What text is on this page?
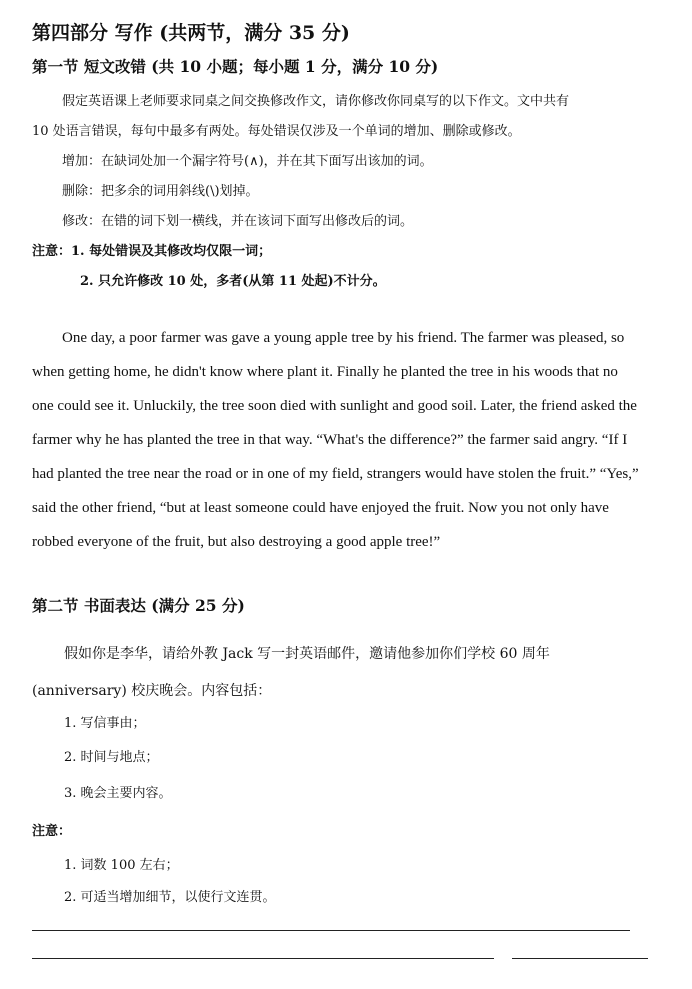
第四部分 写作 (共两节，满分 35 分)
第一节 短文改错 (共 10 小题；每小题 1 分，满分 10 分)
假定英语课上老师要求同桌之间交换修改作文，请你修改你同桌写的以下作文。文中共有
10 处语言错误，每句中最多有两处。每处错误仅涉及一个单词的增加、删除或修改。
增加：在缺词处加一个漏字符号(∧)，并在其下面写出该加的词。
删除：把多余的词用斜线(\)划掉。
修改：在错的词下划一横线，并在该词下面写出修改后的词。
注意：1. 每处错误及其修改均仅限一词；
2. 只允许修改 10 处，多者(从第 11 处起)不计分。
One day, a poor farmer was gave a young apple tree by his friend. The farmer was pleased, so
when getting home, he didn't know where plant it. Finally he planted the tree in his woods that no
one could see it. Unluckily, the tree soon died with sunlight and good soil. Later, the friend asked the
farmer why he has planted the tree in that way. “What's the difference?” the farmer said angry. “If I
had planted the tree near the road or in one of my field, strangers would have stolen the fruit.” “Yes,”
said the other friend, “but at least someone could have enjoyed the fruit. Now you not only have
robbed everyone of the fruit, but also destroying a good apple tree!”
第二节 书面表达 (满分 25 分)
假如你是李华，请给外教 Jack 写一封英语邮件，邀请他参加你们学校 60 周年
(anniversary) 校庆晚会。内容包括：
1. 写信事由；
2. 时间与地点；
3. 晚会主要内容。
注意：
1. 词数 100 左右；
2. 可适当增加细节，以使行文连贯。
